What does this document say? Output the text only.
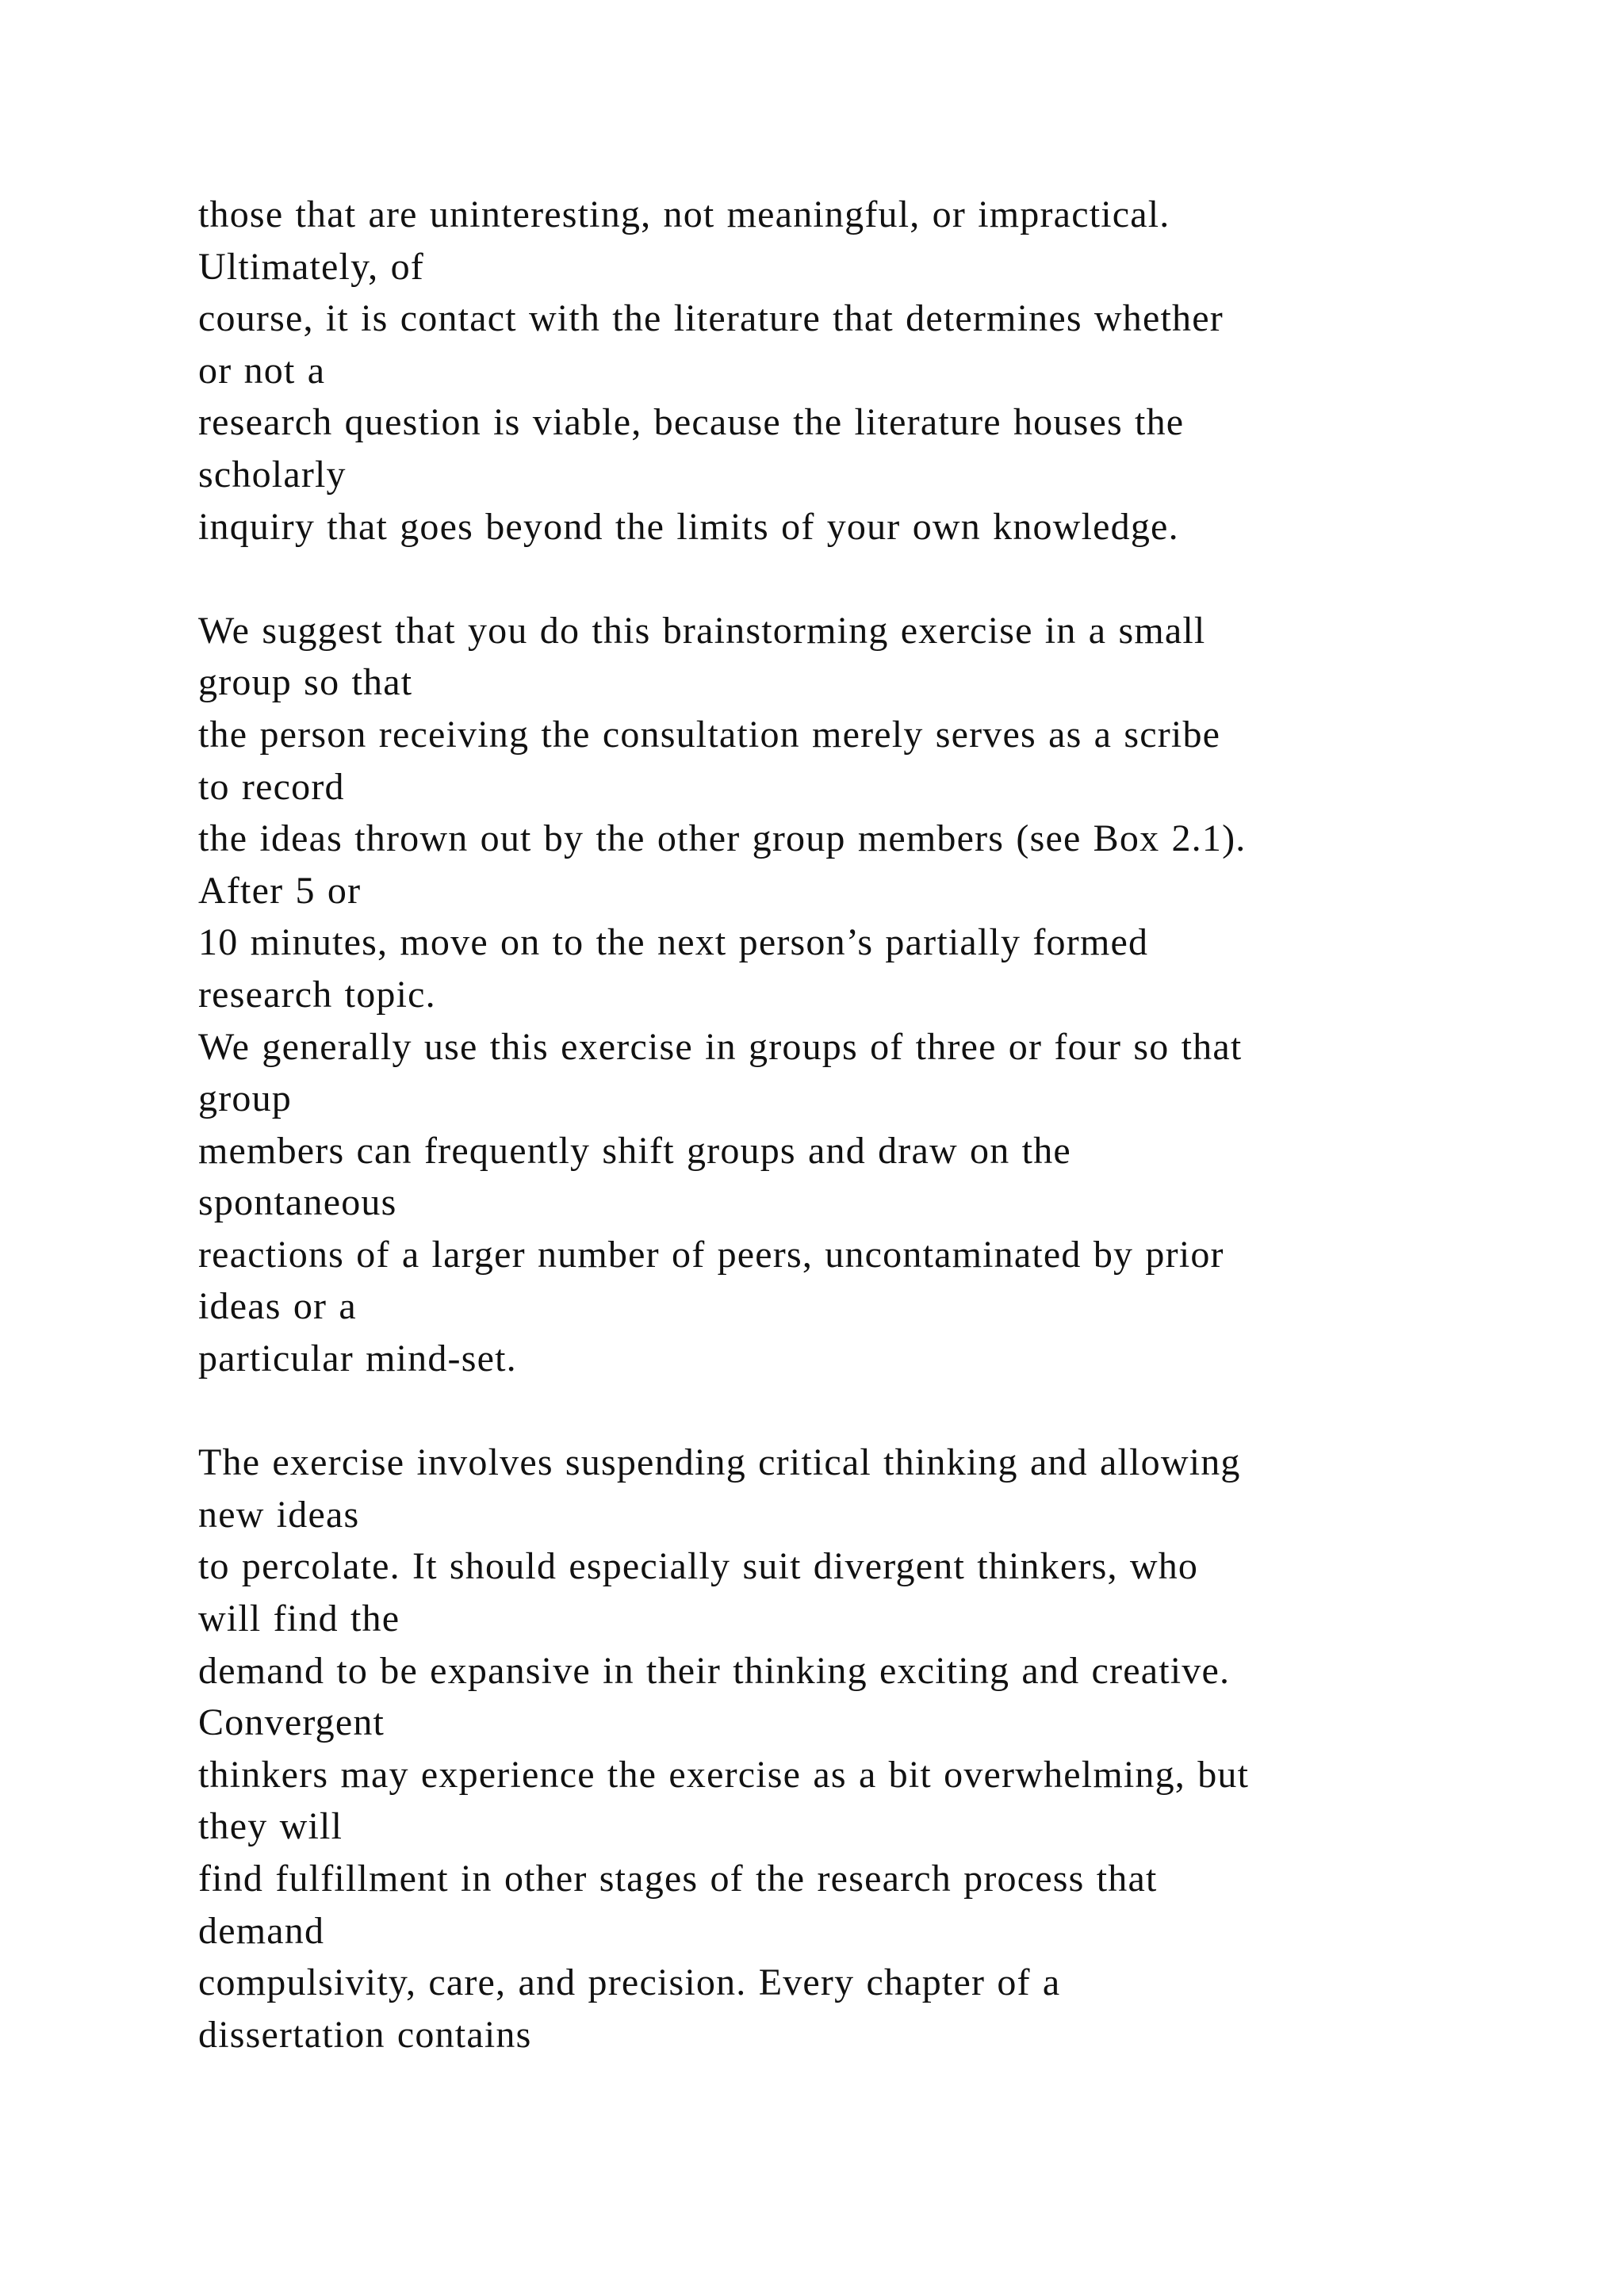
those that are uninteresting, not meaningful, or impractical.
Ultimately, of
course, it is contact with the literature that determines whether
or not a
research question is viable, because the literature houses the
scholarly
inquiry that goes beyond the limits of your own knowledge.
We suggest that you do this brainstorming exercise in a small
group so that
the person receiving the consultation merely serves as a scribe
to record
the ideas thrown out by the other group members (see Box 2.1).
After 5 or
10 minutes, move on to the next person’s partially formed
research topic.
We generally use this exercise in groups of three or four so that
group
members can frequently shift groups and draw on the
spontaneous
reactions of a larger number of peers, uncontaminated by prior
ideas or a
particular mind-set.
The exercise involves suspending critical thinking and allowing
new ideas
to percolate. It should especially suit divergent thinkers, who
will find the
demand to be expansive in their thinking exciting and creative.
Convergent
thinkers may experience the exercise as a bit overwhelming, but
they will
find fulfillment in other stages of the research process that
demand
compulsivity, care, and precision. Every chapter of a
dissertation contains
